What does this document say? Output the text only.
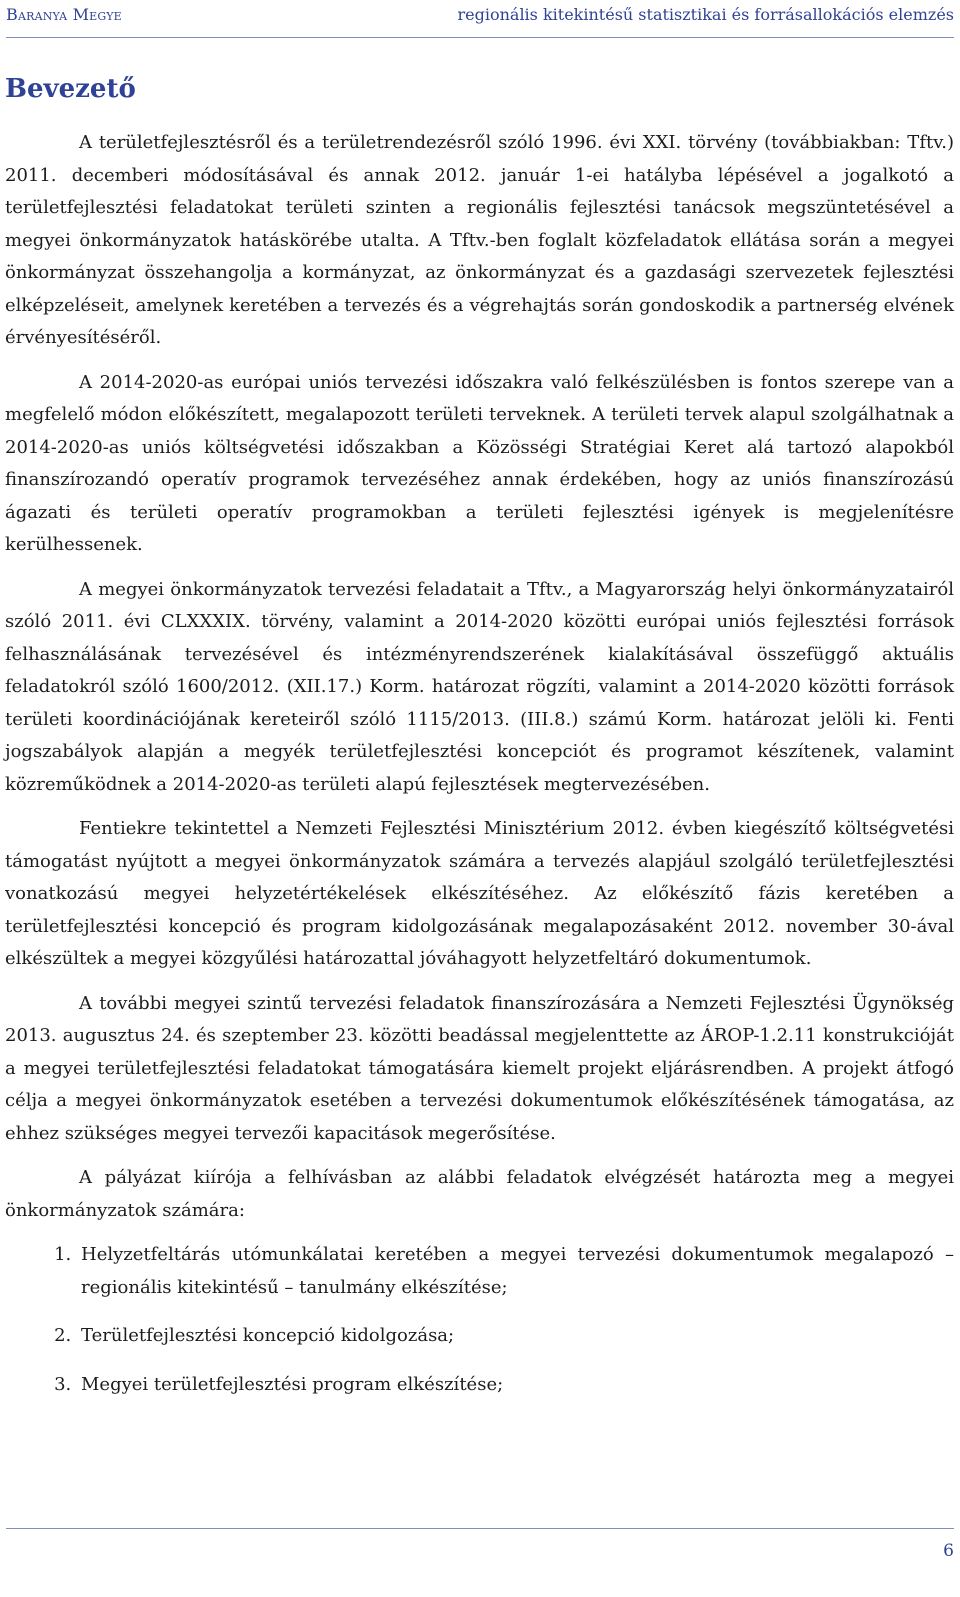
Baranya Megye	regionális kitekintésű statisztikai és forrásallokációs elemzés
Bevezető

A területfejlesztésről és a területrendezésről szóló 1996. évi XXI. törvény (továbbiakban: Tftv.) 2011. decemberi módosításával és annak 2012. január 1-ei hatályba lépésével a jogalkotó a területfejlesztési feladatokat területi szinten a regionális fejlesztési tanácsok megszüntetésével a megyei önkormányzatok hatáskörébe utalta. A Tftv.-ben foglalt közfeladatok ellátása során a megyei önkormányzat összehangolja a kormányzat, az önkormányzat és a gazdasági szervezetek fejlesztési elképzeléseit, amelynek keretében a tervezés és a végrehajtás során gondoskodik a partnerség elvének érvényesítéséről.

A 2014-2020-as európai uniós tervezési időszakra való felkészülésben is fontos szerepe van a megfelelő módon előkészített, megalapozott területi terveknek. A területi tervek alapul szolgálhatnak a 2014-2020-as uniós költségvetési időszakban a Közösségi Stratégiai Keret alá tartozó alapokból finanszírozandó operatív programok tervezéséhez annak érdekében, hogy az uniós finanszírozású ágazati és területi operatív programokban a területi fejlesztési igények is megjelenítésre kerülhessenek.

A megyei önkormányzatok tervezési feladatait a Tftv., a Magyarország helyi önkormányzatairól szóló 2011. évi CLXXXIX. törvény, valamint a 2014-2020 közötti európai uniós fejlesztési források felhasználásának tervezésével és intézményrendszerének kialakításával összefüggő aktuális feladatokról szóló 1600/2012. (XII.17.) Korm. határozat rögzíti, valamint a 2014-2020 közötti források területi koordinációjának kereteiről szóló 1115/2013. (III.8.) számú Korm. határozat jelöli ki. Fenti jogszabályok alapján a megyék területfejlesztési koncepciót és programot készítenek, valamint közreműködnek a 2014-2020-as területi alapú fejlesztések megtervezésében.

Fentiekre tekintettel a Nemzeti Fejlesztési Minisztérium 2012. évben kiegészítő költségvetési támogatást nyújtott a megyei önkormányzatok számára a tervezés alapjául szolgáló területfejlesztési vonatkozású megyei helyzetértékelések elkészítéséhez. Az előkészítő fázis keretében a területfejlesztési koncepció és program kidolgozásának megalapozásaként 2012. november 30-ával elkészültek a megyei közgyűlési határozattal jóváhagyott helyzetfeltáró dokumentumok.

A további megyei szintű tervezési feladatok finanszírozására a Nemzeti Fejlesztési Ügynökség 2013. augusztus 24. és szeptember 23. közötti beadással megjelenttette az ÁROP-1.2.11 konstrukcióját a megyei területfejlesztési feladatokat támogatására kiemelt projekt eljárásrendben. A projekt átfogó célja a megyei önkormányzatok esetében a tervezési dokumentumok előkészítésének támogatása, az ehhez szükséges megyei tervezői kapacitások megerősítése.

A pályázat kiírója a felhívásban az alábbi feladatok elvégzését határozta meg a megyei önkormányzatok számára:

1. Helyzetfeltárás utómunkálatai keretében a megyei tervezési dokumentumok megalapozó – regionális kitekintésű – tanulmány elkészítése;
2. Területfejlesztési koncepció kidolgozása;
3. Megyei területfejlesztési program elkészítése;
6
